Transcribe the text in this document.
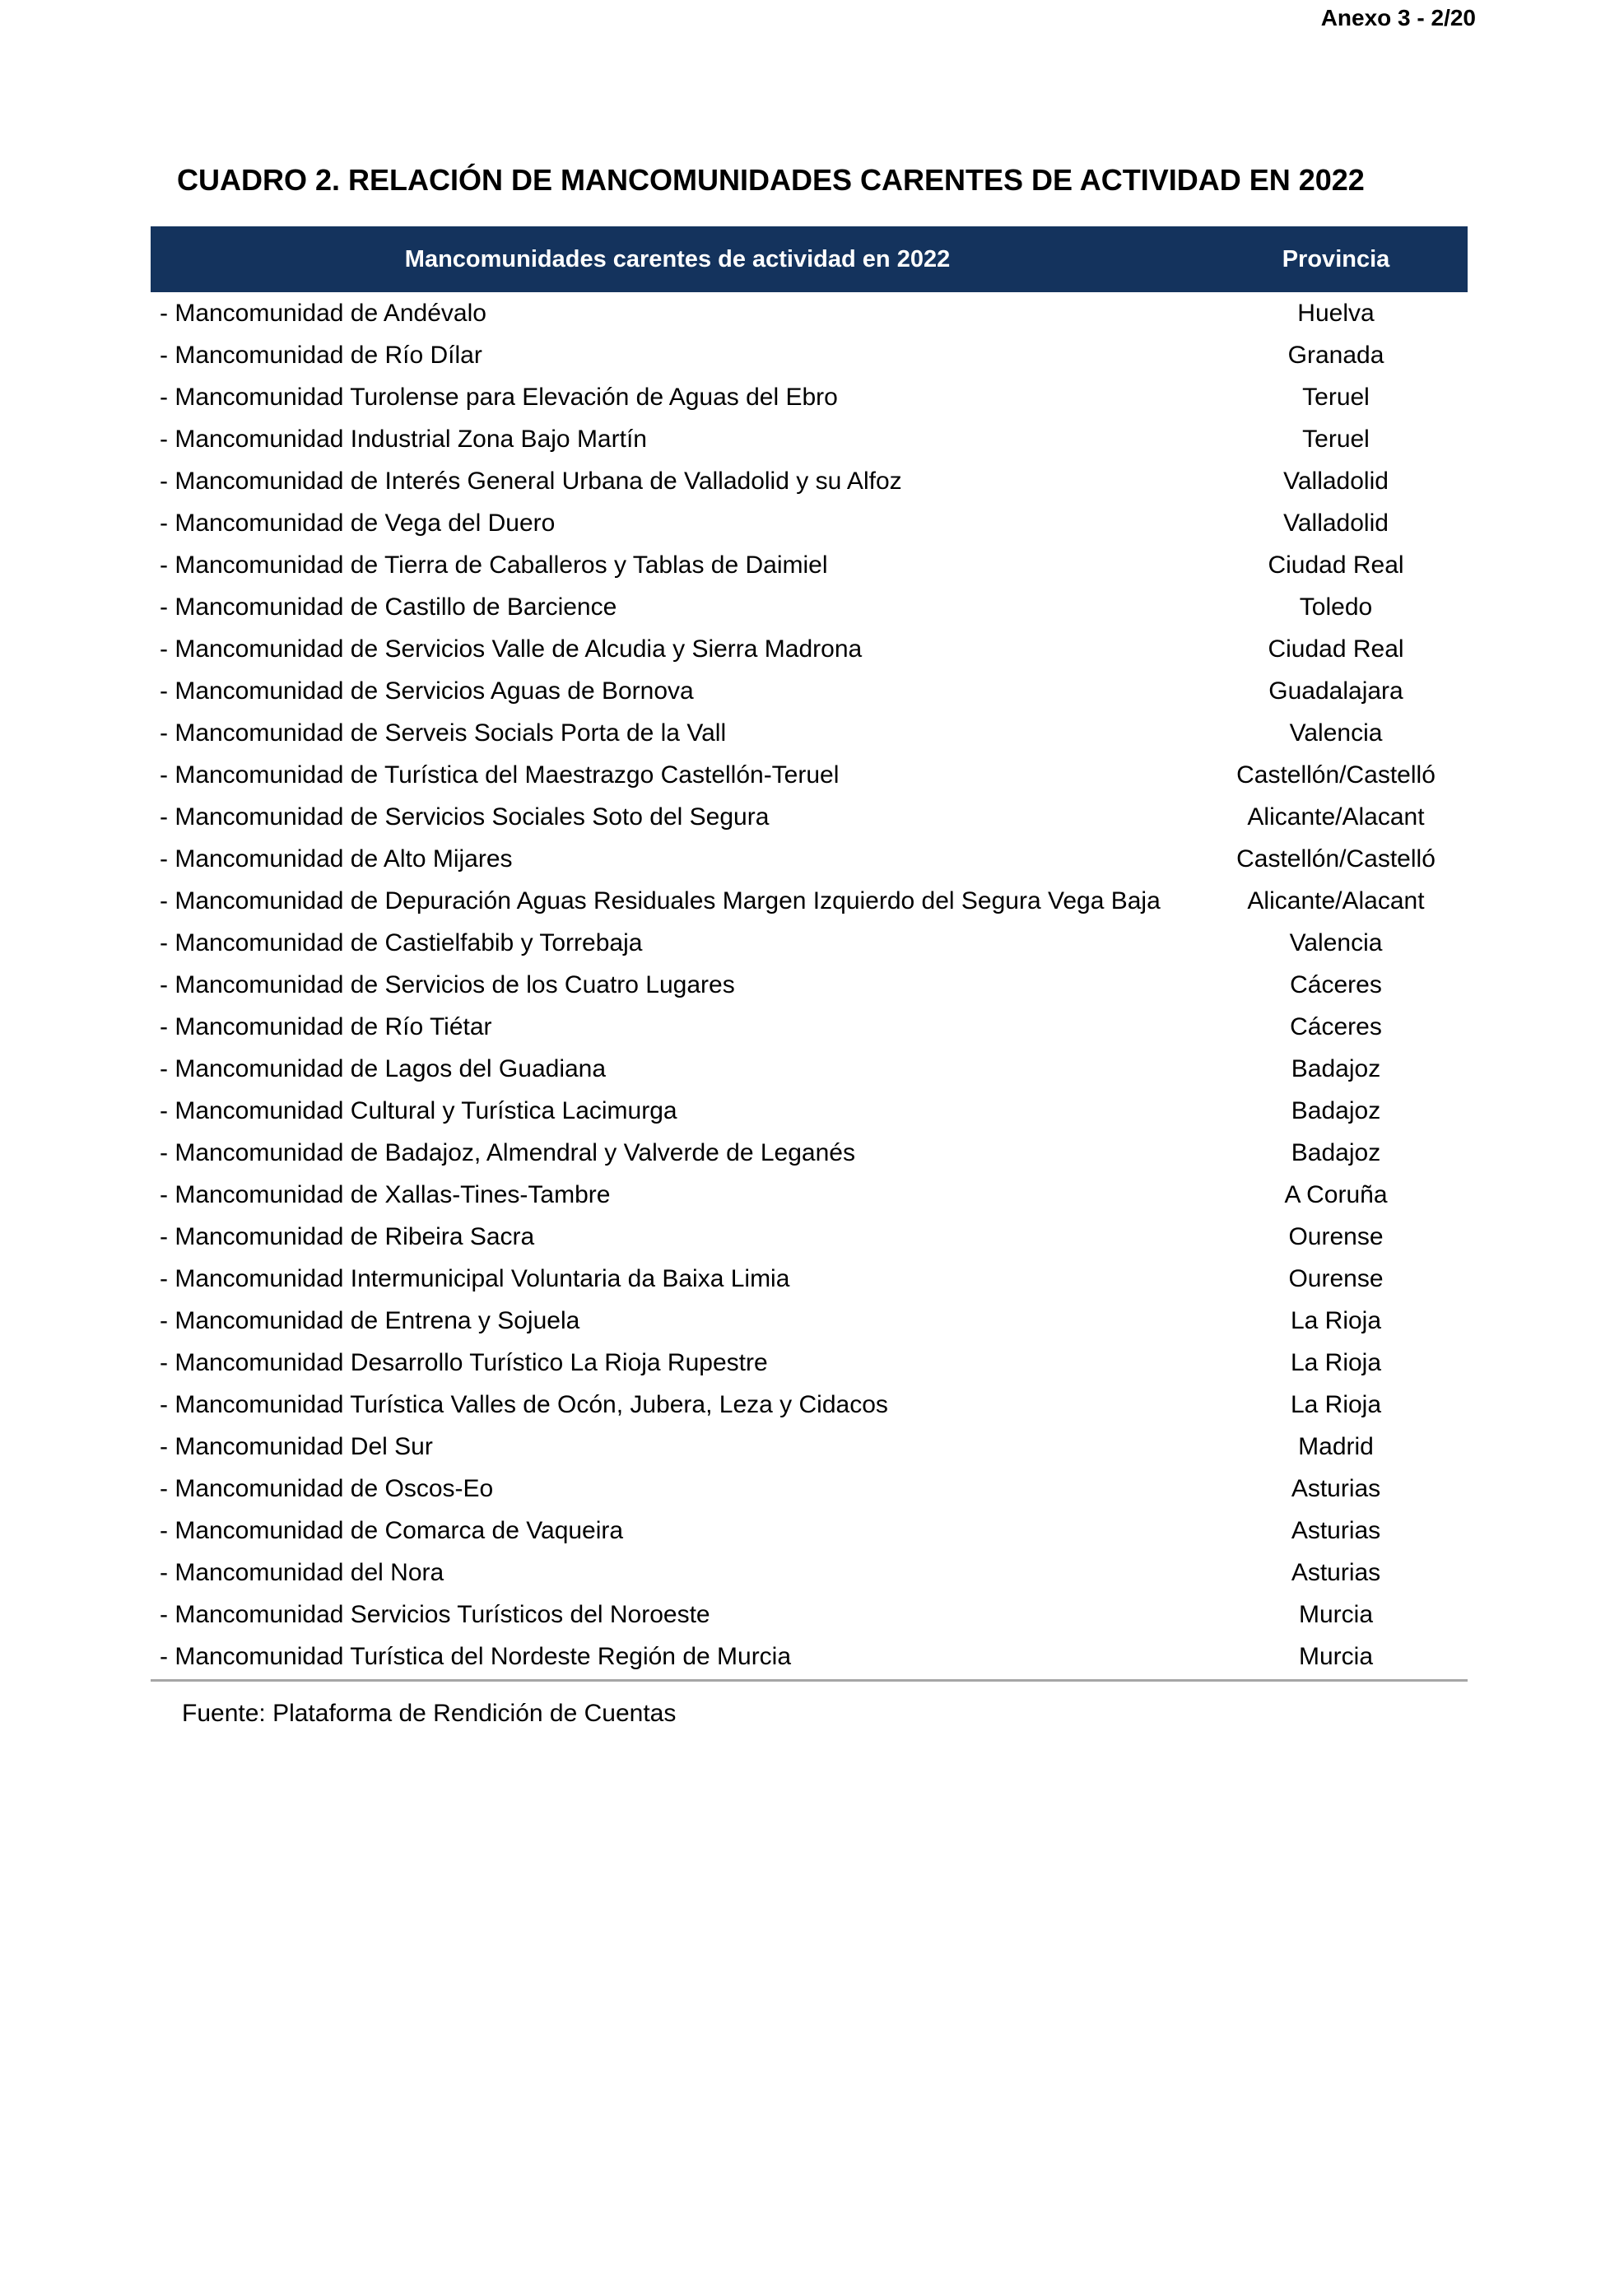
Anexo 3 - 2/20
CUADRO 2. RELACIÓN DE MANCOMUNIDADES CARENTES DE ACTIVIDAD EN 2022
Mancomunidades carentes de actividad en 2022	Provincia
- Mancomunidad de Andévalo	Huelva
- Mancomunidad de Río Dílar	Granada
- Mancomunidad Turolense para Elevación de Aguas del Ebro	Teruel
- Mancomunidad Industrial Zona Bajo Martín	Teruel
- Mancomunidad de Interés General Urbana de Valladolid y su Alfoz	Valladolid
- Mancomunidad de Vega del Duero	Valladolid
- Mancomunidad de Tierra de Caballeros y Tablas de Daimiel	Ciudad Real
- Mancomunidad de Castillo de Barcience	Toledo
- Mancomunidad de Servicios Valle de Alcudia y Sierra Madrona	Ciudad Real
- Mancomunidad de Servicios Aguas de Bornova	Guadalajara
- Mancomunidad de Serveis Socials Porta de la Vall	Valencia
- Mancomunidad de Turística del Maestrazgo Castellón-Teruel	Castellón/Castelló
- Mancomunidad de Servicios Sociales Soto del Segura	Alicante/Alacant
- Mancomunidad de Alto Mijares	Castellón/Castelló
- Mancomunidad de Depuración Aguas Residuales Margen Izquierdo del Segura Vega Baja	Alicante/Alacant
- Mancomunidad de Castielfabib y Torrebaja	Valencia
- Mancomunidad de Servicios de los Cuatro Lugares	Cáceres
- Mancomunidad de Río Tiétar	Cáceres
- Mancomunidad de Lagos del Guadiana	Badajoz
- Mancomunidad Cultural y Turística Lacimurga	Badajoz
- Mancomunidad de Badajoz, Almendral y Valverde de Leganés	Badajoz
- Mancomunidad de Xallas-Tines-Tambre	A Coruña
- Mancomunidad de Ribeira Sacra	Ourense
- Mancomunidad Intermunicipal Voluntaria da Baixa Limia	Ourense
- Mancomunidad de Entrena y Sojuela	La Rioja
- Mancomunidad Desarrollo Turístico La Rioja Rupestre	La Rioja
- Mancomunidad Turística Valles de Ocón, Jubera, Leza y Cidacos	La Rioja
- Mancomunidad Del Sur	Madrid
- Mancomunidad de Oscos-Eo	Asturias
- Mancomunidad de Comarca de Vaqueira	Asturias
- Mancomunidad del Nora	Asturias
- Mancomunidad Servicios Turísticos del Noroeste	Murcia
- Mancomunidad Turística del Nordeste Región de Murcia	Murcia
Fuente: Plataforma de Rendición de Cuentas
